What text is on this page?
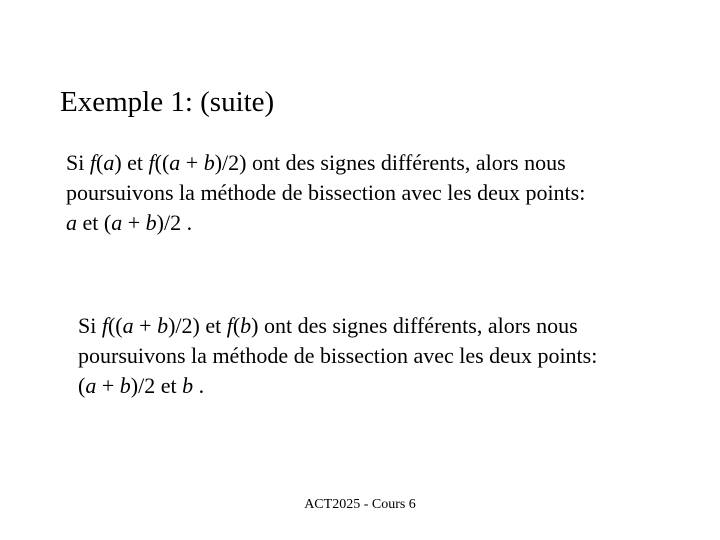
Exemple 1: (suite)
Si f(a) et f((a + b)/2) ont des signes différents, alors nous
poursuivons la méthode de bissection avec les deux points:
a et (a + b)/2 .
Si f((a + b)/2) et f(b) ont des signes différents, alors nous
poursuivons la méthode de bissection avec les deux points:
(a + b)/2 et b .
ACT2025 - Cours 6
